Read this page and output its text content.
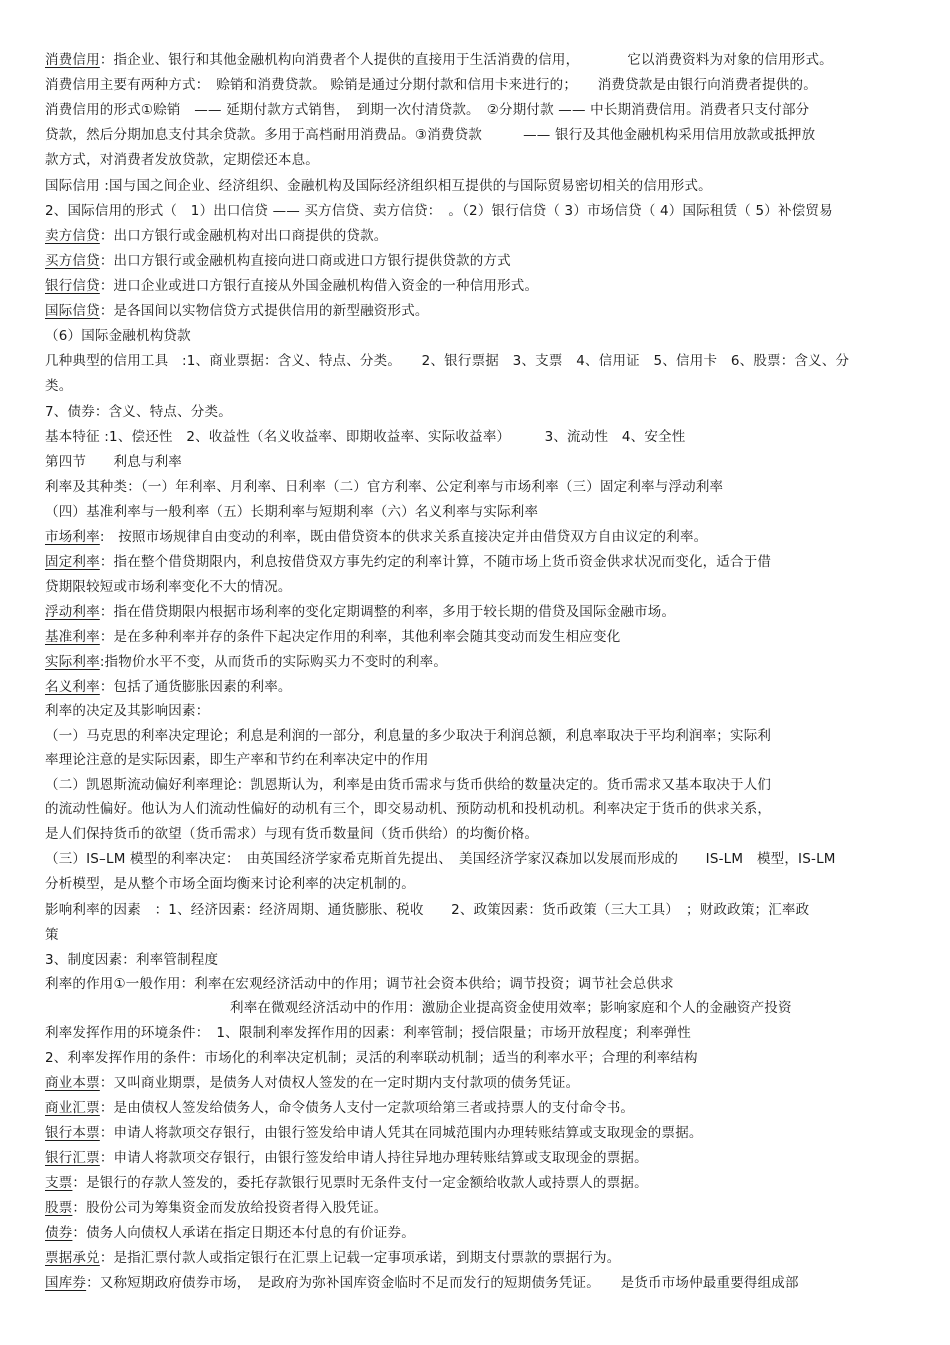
消费信用：指企业、银行和其他金融机构向消费者个人提供的直接用于生活消费的信用，　　　　它以消费资料为对象的信用形式。
消费信用主要有两种方式：　赊销和消费贷款。 赊销是通过分期付款和信用卡来进行的；　　消费贷款是由银行向消费者提供的。
消费信用的形式①赊销　—— 延期付款方式销售，　到期一次付清贷款。　②分期付款 —— 中长期消费信用。消费者只支付部分
贷款，然后分期加息支付其余贷款。多用于高档耐用消费品。③消费贷款　　　—— 银行及其他金融机构采用信用放款或抵押放
款方式，对消费者发放贷款，定期偿还本息。
国际信用 :国与国之间企业、经济组织、金融机构及国际经济组织相互提供的与国际贸易密切相关的信用形式。
2、国际信用的形式（　1）出口信贷 —— 买方信贷、卖方信贷：　。（2）银行信贷（ 3）市场信贷（ 4）国际租赁（ 5）补偿贸易
卖方信贷：出口方银行或金融机构对出口商提供的贷款。
买方信贷：出口方银行或金融机构直接向进口商或进口方银行提供贷款的方式
银行信贷：进口企业或进口方银行直接从外国金融机构借入资金的一种信用形式。
国际信贷：是各国间以实物信贷方式提供信用的新型融资形式。
（6）国际金融机构贷款
几种典型的信用工具　:1、商业票据：含义、特点、分类。　　2、银行票据　3、支票　4、信用证　5、信用卡　6、股票：含义、分
类。
7、债券：含义、特点、分类。
基本特征 :1、偿还性　2、收益性（名义收益率、即期收益率、实际收益率）　　　3、流动性　4、安全性
第四节　　利息与利率
利率及其种类：（一）年利率、月利率、日利率（二）官方利率、公定利率与市场利率（三）固定利率与浮动利率
（四）基准利率与一般利率（五）长期利率与短期利率（六）名义利率与实际利率
市场利率:　按照市场规律自由变动的利率，既由借贷资本的供求关系直接决定并由借贷双方自由议定的利率。
固定利率：指在整个借贷期限内，利息按借贷双方事先约定的利率计算，不随市场上货币资金供求状况而变化，适合于借
贷期限较短或市场利率变化不大的情况。
浮动利率：指在借贷期限内根据市场利率的变化定期调整的利率，多用于较长期的借贷及国际金融市场。
基准利率：是在多种利率并存的条件下起决定作用的利率，其他利率会随其变动而发生相应变化
实际利率:指物价水平不变，从而货币的实际购买力不变时的利率。
名义利率：包括了通货膨胀因素的利率。
利率的决定及其影响因素：
（一）马克思的利率决定理论；利息是利润的一部分，利息量的多少取决于利润总额，利息率取决于平均利润率；实际利
率理论注意的是实际因素，即生产率和节约在利率决定中的作用
（二）凯恩斯流动偏好利率理论：凯恩斯认为，利率是由货币需求与货币供给的数量决定的。货币需求又基本取决于人们
的流动性偏好。他认为人们流动性偏好的动机有三个，即交易动机、预防动机和投机动机。利率决定于货币的供求关系，
是人们保持货币的欲望（货币需求）与现有货币数量间（货币供给）的均衡价格。
（三）IS–LM 模型的利率决定：　由英国经济学家希克斯首先提出、　美国经济学家汉森加以发展而形成的　　IS-LM　模型，IS-LM
分析模型，是从整个市场全面均衡来讨论利率的决定机制的。
影响利率的因素　：1、经济因素：经济周期、通货膨胀、税收　　2、政策因素：货币政策（三大工具）　；财政政策；汇率政
策
3、制度因素：利率管制程度
利率的作用①一般作用：利率在宏观经济活动中的作用；调节社会资本供给；调节投资；调节社会总供求
利率在微观经济活动中的作用：激励企业提高资金使用效率；影响家庭和个人的金融资产投资
利率发挥作用的环境条件：　1、限制利率发挥作用的因素：利率管制；授信限量；市场开放程度；利率弹性
2、利率发挥作用的条件：市场化的利率决定机制；灵活的利率联动机制；适当的利率水平；合理的利率结构
商业本票：又叫商业期票，是债务人对债权人签发的在一定时期内支付款项的债务凭证。
商业汇票：是由债权人签发给债务人，命令债务人支付一定款项给第三者或持票人的支付命令书。
银行本票：申请人将款项交存银行，由银行签发给申请人凭其在同城范围内办理转账结算或支取现金的票据。
银行汇票：申请人将款项交存银行，由银行签发给申请人持往异地办理转账结算或支取现金的票据。
支票：是银行的存款人签发的，委托存款银行见票时无条件支付一定金额给收款人或持票人的票据。
股票：股份公司为筹集资金而发放给投资者得入股凭证。
债券：债务人向债权人承诺在指定日期还本付息的有价证券。
票据承兑：是指汇票付款人或指定银行在汇票上记载一定事项承诺，到期支付票款的票据行为。
国库券：又称短期政府债券市场，　是政府为弥补国库资金临时不足而发行的短期债务凭证。　　是货币市场仲最重要得组成部
